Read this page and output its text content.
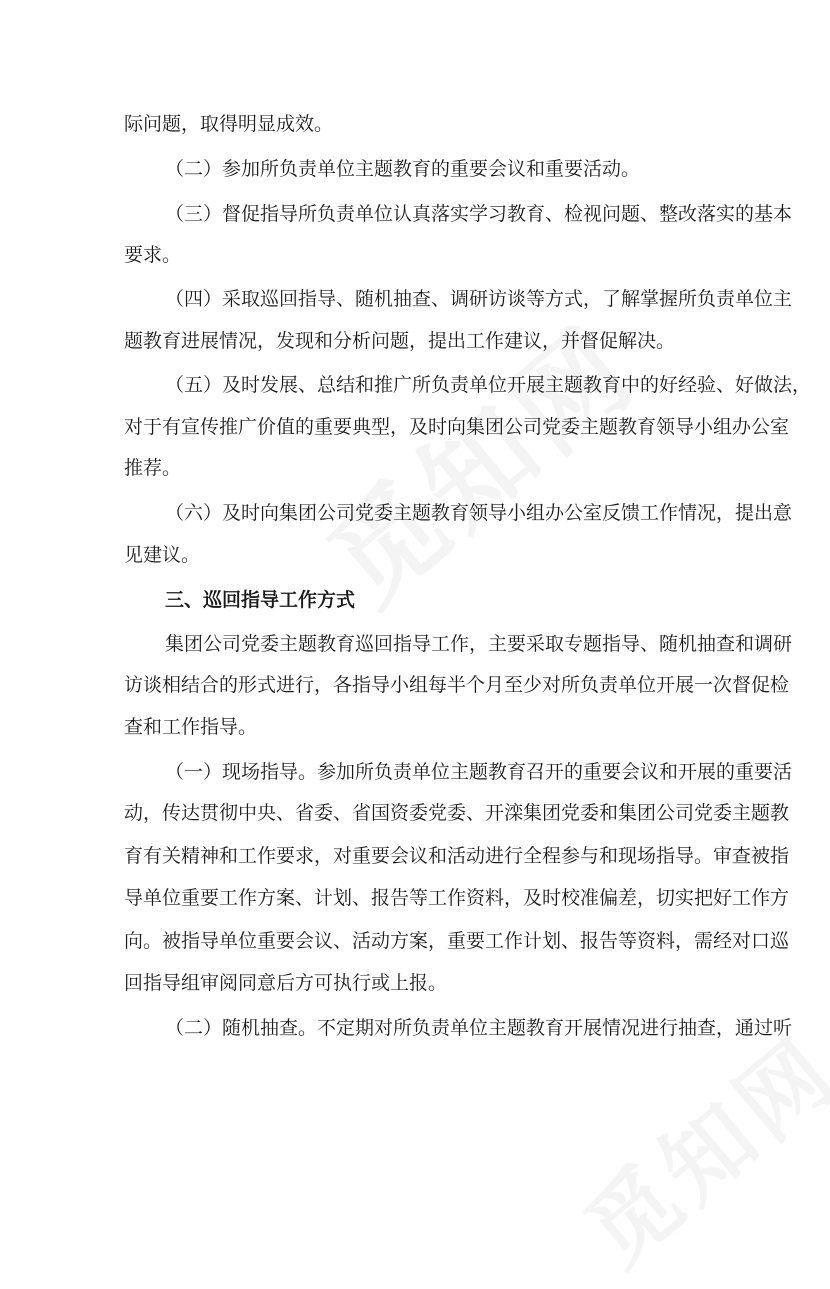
际问题，取得明显成效。
（二）参加所负责单位主题教育的重要会议和重要活动。
（三）督促指导所负责单位认真落实学习教育、检视问题、整改落实的基本
要求。
（四）采取巡回指导、随机抽查、调研访谈等方式，了解掌握所负责单位主
题教育进展情况，发现和分析问题，提出工作建议，并督促解决。
（五）及时发展、总结和推广所负责单位开展主题教育中的好经验、好做法，
对于有宣传推广价值的重要典型，及时向集团公司党委主题教育领导小组办公室
推荐。
（六）及时向集团公司党委主题教育领导小组办公室反馈工作情况，提出意
见建议。
三、巡回指导工作方式
集团公司党委主题教育巡回指导工作，主要采取专题指导、随机抽查和调研
访谈相结合的形式进行，各指导小组每半个月至少对所负责单位开展一次督促检
查和工作指导。
（一）现场指导。参加所负责单位主题教育召开的重要会议和开展的重要活
动，传达贯彻中央、省委、省国资委党委、开滦集团党委和集团公司党委主题教
育有关精神和工作要求，对重要会议和活动进行全程参与和现场指导。审查被指
导单位重要工作方案、计划、报告等工作资料，及时校准偏差，切实把好工作方
向。被指导单位重要会议、活动方案，重要工作计划、报告等资料，需经对口巡
回指导组审阅同意后方可执行或上报。
（二）随机抽查。不定期对所负责单位主题教育开展情况进行抽查，通过听
